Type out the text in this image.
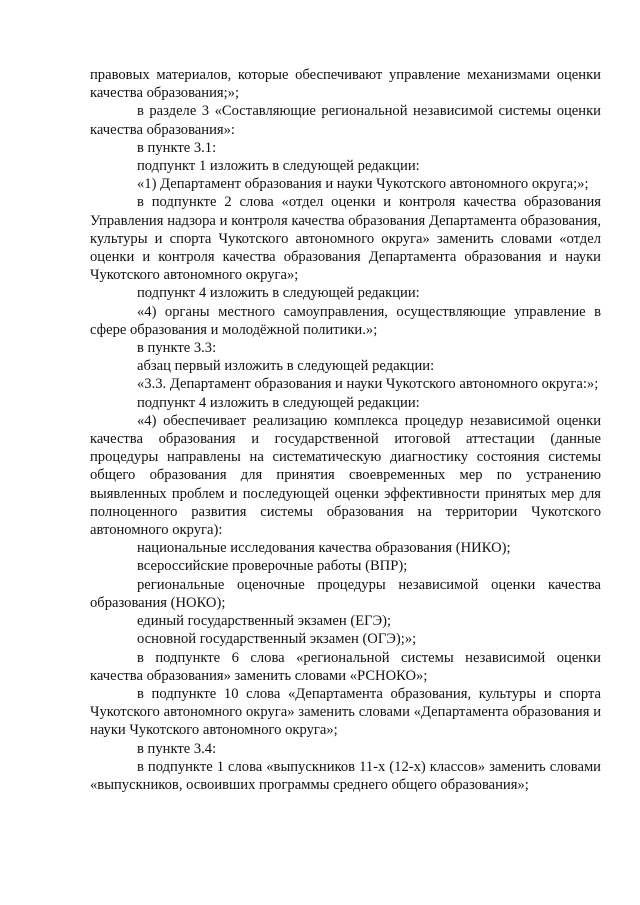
правовых материалов, которые обеспечивают управление механизмами оценки качества образования;»;

в разделе 3 «Составляющие региональной независимой системы оценки качества образования»:

в пункте 3.1:

подпункт 1 изложить в следующей редакции:

«1) Департамент образования и науки Чукотского автономного округа;»;

в подпункте 2 слова «отдел оценки и контроля качества образования Управления надзора и контроля качества образования Департамента образования, культуры и спорта Чукотского автономного округа» заменить словами «отдел оценки и контроля качества образования Департамента образования и науки Чукотского автономного округа»;

подпункт 4 изложить в следующей редакции:

«4) органы местного самоуправления, осуществляющие управление в сфере образования и молодёжной политики.»;

в пункте 3.3:

абзац первый изложить в следующей редакции:

«3.3. Департамент образования и науки Чукотского автономного округа:»;

подпункт 4 изложить в следующей редакции:

«4) обеспечивает реализацию комплекса процедур независимой оценки качества образования и государственной итоговой аттестации (данные процедуры направлены на систематическую диагностику состояния системы общего образования для принятия своевременных мер по устранению выявленных проблем и последующей оценки эффективности принятых мер для полноценного развития системы образования на территории Чукотского автономного округа):

национальные исследования качества образования (НИКО);

всероссийские проверочные работы (ВПР);

региональные оценочные процедуры независимой оценки качества образования (НОКО);

единый государственный экзамен (ЕГЭ);

основной государственный экзамен (ОГЭ);»;

в подпункте 6 слова «региональной системы независимой оценки качества образования» заменить словами «РСНОКО»;

в подпункте 10 слова «Департамента образования, культуры и спорта Чукотского автономного округа» заменить словами «Департамента образования и науки Чукотского автономного округа»;

в пункте 3.4:

в подпункте 1 слова «выпускников 11-х (12-х) классов» заменить словами «выпускников, освоивших программы среднего общего образования»;
